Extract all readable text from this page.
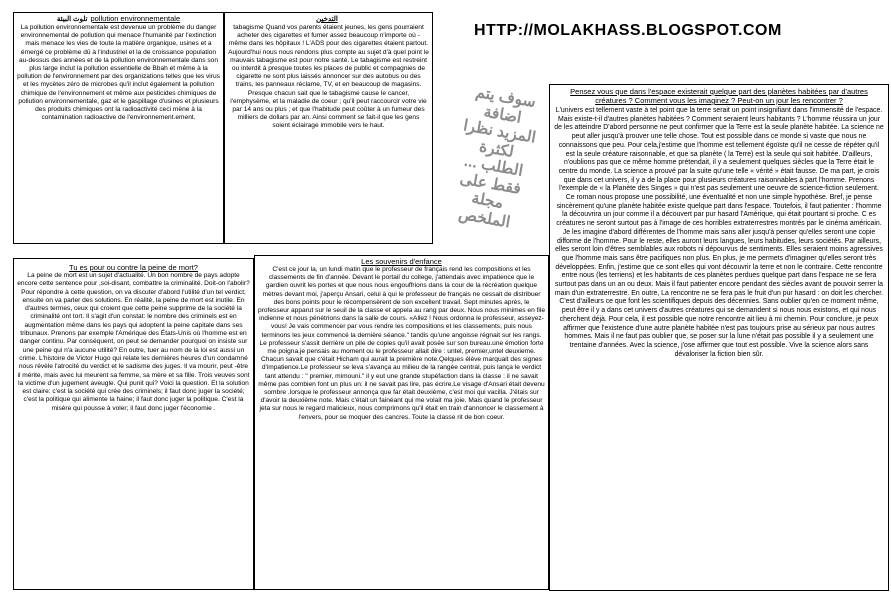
تلوث البيئة pollution environnementale
La pollution environnementale est devenue un problème du danger environnemental de pollution qui menace l'humanité par l'extinction mais menace les vies de toute la matière organique, usines et a émergé ce problème dû à l'industriel et la de croissance population au-dessus des années et de la pollution environnementale dans son plus large inclut la pollution essentielle de Bbah et même à la pollution de l'environnement par des organizations telles que les virus et les mycètes zéro de microbes qu'il inclut également la pollution chimique de l'environnement et même aux pesticides chimiques de pollution environnementale, gaz et le gaspillage d'usines et plusieurs des produits chimiques ont la radioactivité ceci mène à la contamination radioactive de l'environnement.ement.
التدخين
tabagisme Quand vos parents étaient jeunes, les gens pourraient acheter des cigarettes et fumer assez beaucoup n'importe où - même dans les hôpitaux ! L'ADS pour des cigarettes étaient partout. Aujourd'hui nous nous rendons plus compte au sujet d'à quel point le mauvais tabagisme est pour notre santé. Le tabagisme est restreint ou interdit à presque toutes les places de public et compagnies de cigarette ne sont plus laissés annoncer sur des autobus ou des trains, les panneaux réclame, TV, et en beaucoup de magasins. Presque chacun sait que le tabagisme cause le cancer, l'emphysème, et la maladie de coeur ; qu'il peut raccourcir votre vie par 14 ans ou plus ; et que l'habitude peut coûter à un fumeur des milliers de dollars par an. Ainsi comment se fait-il que les gens soient éclairage immobile vers le haut.
HTTP://MOLAKHASS.BLOGSPOT.COM
سوف يتم اضافة المزيد نظرا لكثرة الطلب ... فقط على مجلة الملخص
Tu es pour ou contre la peine de mort?
La peine de mort est un sujet d'actualité. Un bon nombre de pays adopte encore cette sentence pour ,soi-disant, combattre la criminalité. Doit-on l'abolir? Pour répondre à cette question, on va discuter d'abord l'utilité d'un tel verdict; ensuite on va parler des solutions. En réalité, la peine de mort est inutile. En d'autres termes, ceux qui croient que cette peine supprime de la société la criminalité ont tort. Il s'agit d'un constat: le nombre des criminels est en augmentation même dans les pays qui adoptent la peine capitale dans ses tribunaux. Prenons par exemple l'Amérique des États-Unis où l'homme est en danger continu. Par conséquent, on peut se demander pourquoi on insiste sur une peine qui n'a aucune utilité? En outre, tuer au nom de la loi est aussi un crime. L'histoire de Victor Hugo qui relate les dernières heures d'un condamné nous révèle l'atrocité du verdict et le sadisme des juges. Il va mourir, peut -être il mérite, mais avec lui meurent sa femme, sa mère et sa fille. Trois veuves sont la victime d'un jugement aveugle. Qui punit qui? Voici la question. Et la solution est claire: c'est la société qui crée des criminels; il faut donc juger la société; c'est la politique qui alimente la haine; il faut donc juger la politique. C'est la misère qui pousse à voler; il faut donc juger l'économie .
Les souvenirs d'enfance
C'est ce jour la, un lundi matin que le professeur de français rend les compositions et les classements de fin d'année. Devant le portail du college, j'attendais avec impatience que le gardien ouvrit les portes et que nous nous engouffrions dans la cour de la récréation quelque mètres devant moi, j'aperçu Ansari, celui à qui le professeur de français ne cessait de distribuer des bons points pour le récompensèrent de son excellent travail. Sept minutes après, le professeur apparut sur le seuil de la classe et appela au rang par deux. Nous nous minimes en file indienne et nous pénétrions dans la salle de cours. «Allez ! Nous ordonna le professeur, asseyez-vous! Je vais commencer par vous rendre les compositions et les classements, puis nous terminons les jeux commencé la dernière séance." tandis qu'une angoisse régnait sur les rangs. Le professeur s'assit derrière un pile de copies qu'il avait posée sur son bureau.une émotion forte me poigna.je pensais au moment ou le professeur allait dire : untel, premier,untel deuxieme. Chacun savait que c'était Hicham qui aurait la première note.Qelques élève marquait des signes d'impatience.Le professeur se leva s'avança au milieu de la rangée central, puis lança le verdict tant attendu : " premier, mimouni." il y eut une grande stupéfaction dans la classe : il ne savait même pas combien font un plus un: il ne savait pas lire, pas écrire.Le visage d'Ansari était devenu sombre .lorsque le professeur annonça que far était deuxième, c'est moi qui vacilla. J'étais sur d'avoir la deuxième note. Mais c'était un fainéant qui me volait ma joie. Mais quand le professeur jeta sur nous le regard malicieux, nous comprimons qu'il était en train d'annoncer le classement à l'envers, pour se moquer des cancres. Toute la classe rit de bon coeur.
Pensez vous que dans l'espace existerait quelque part des planètes habitées par d'autres créatures ? Comment vous les imaginez ? Peut-on un jour les rencontrer ?
L'univers est tellement vaste à tel point que la terre serait un point insignifiant dans l'immensité de l'espace. Mais existe-t-il d'autres planètes habitées ? Comment seraient leurs habitants ? L'homme réussira un jour de les atteindre D'abord personne ne peut confirmer que la Terre est la seule planète habitée. La science ne peut aller jusqu'à prouver une telle chose. Tout est possible dans ce monde si vaste que nous ne connaissons que peu. Pour cela,j'estime que l'homme est tellement égoïste qu'il ne cesse de répéter qu'il est la seule créature raisonnable, et que sa planète ( la Terre) est la seule qui soit habitée. D'ailleurs, n'oublions pas que ce même homme prétendait, il y a seulement quelques siècles que la Terre était le centre du monde. La science a prouvé par la suite qu'une telle « vérité » était fausse. De ma part, je crois que dans cet univers, il y a de la place pour plusieurs créatures raisonnables à part l'homme. Prenons l'exemple de « la Planète des Singes » qui n'est pas seulement une oeuvre de science-fiction seulement. Ce roman nous propose une possibilité, une éventualité et non une simple hypothèse. Bref, je pense sincèrement qu'une planète habitée existe quelque part dans l'espace. Toutefois, il faut patienter : l'homme la découvrira un jour comme il a découvert par pur hasard l'Amérique, qui était pourtant si proche. C es créatures ne seront surtout pas à l'image de ces horribles extraterrestres montrés par le cinéma américain. Je les imagine d'abord différentes de l'homme mais sans aller jusqu'à penser qu'elles seront une copie difforme de l'homme. Pour le reste, elles auront leurs langues, leurs habitudes, leurs sociétés. Par ailleurs, elles seront loin d'êtres semblables aux robots ni dépourvus de sentiments. Elles seraient moins agressives que l'homme mais sans être pacifiques non plus. En plus, je me permets d'imaginer qu'elles seront très développées. Enfin, j'estime que ce sont elles qui vont découvrir la terre et non le contraire. Cette rencontre entre nous (les terriens) et les habitants de ces planètes perdues quelque part dans l'espace ne se fera surtout pas dans un an ou deux. Mais il faut patienter encore pendant des siècles avant de pouvoir serrer la main d'un extraterrestre. En outre, La rencontre ne se fera pas le fruit d'un pur hasard : on doit les chercher. C'est d'ailleurs ce que font les scientifiques depuis des décennies. Sans oublier qu'en ce moment même, peut être il y a dans cet univers d'autres créatures qui se demandent si nous nous existons, et qui nous cherchent déjà. Pour cela, il est possible que notre rencontre ait lieu à mi chemin. Pour conclure, je peux affirmer que l'existence d'une autre planète habitée n'est pas toujours prise au sérieux par nous autres hommes. Mais il ne faut pas oublier que, se poser sur la lune n'était pas possible il y a seulement une trentaine d'années. Avec la science, j'ose affirmer que tout est possible. Vive la science alors sans dévaloriser la fiction bien sûr.
